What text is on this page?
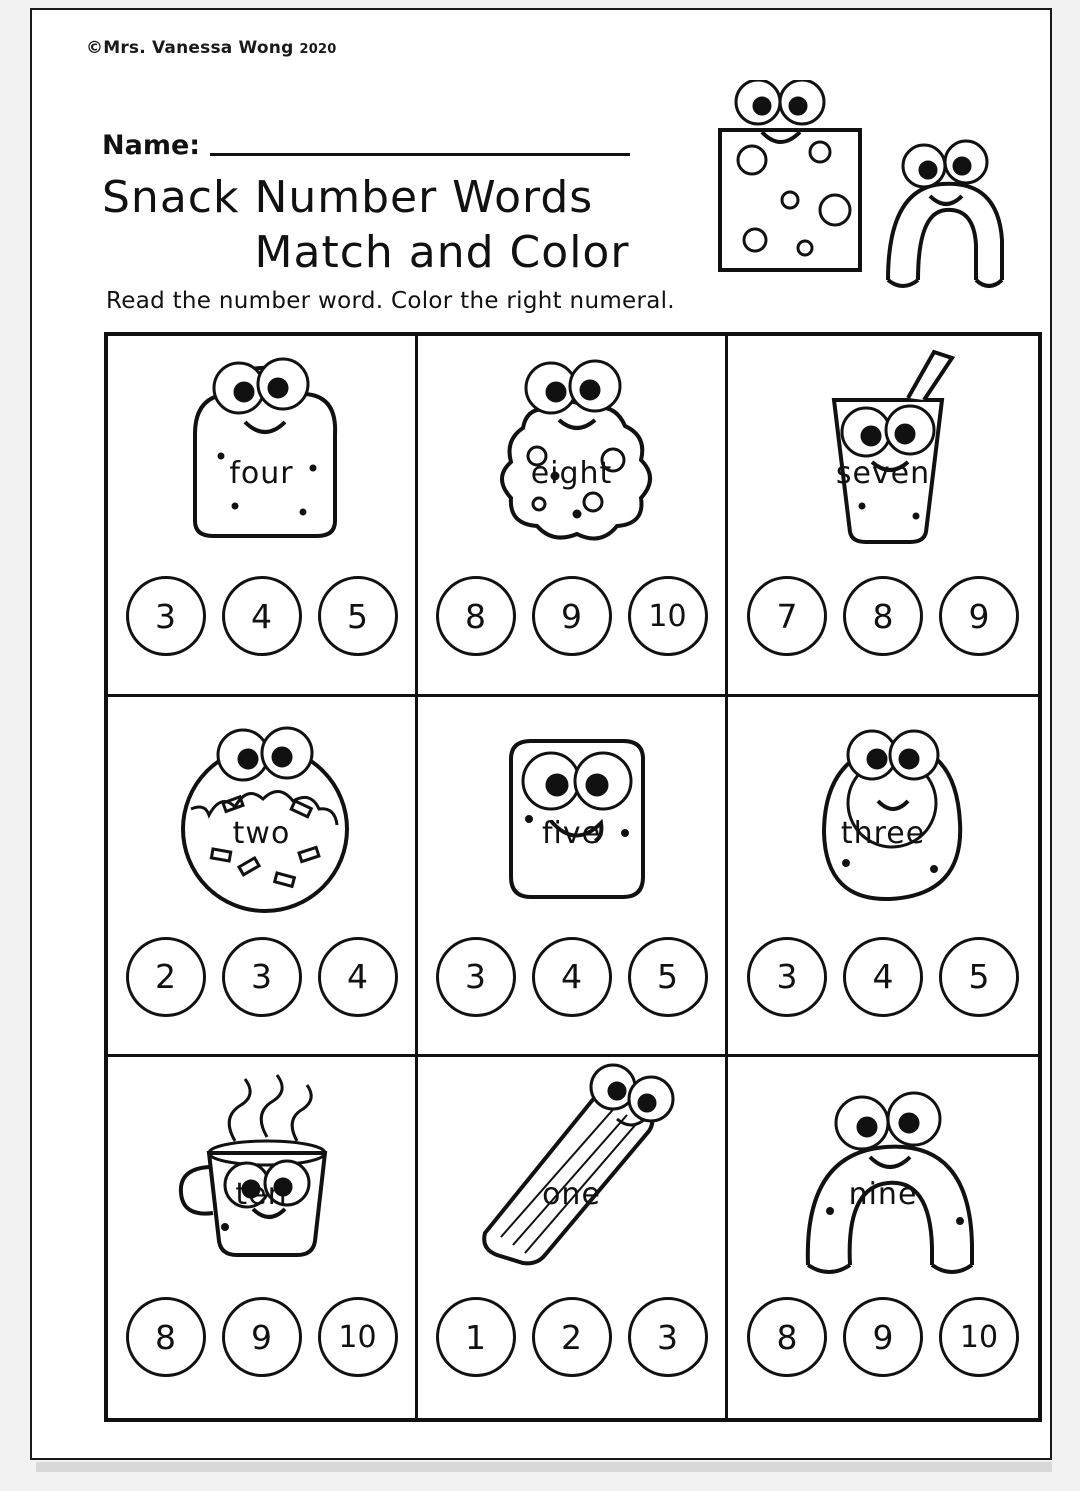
©Mrs. Vanessa Wong 2020
Name:
Snack Number Words
Match and Color
Read the number word. Color the right numeral.
four
3	4	5
eight
8	9	10
seven
7	8	9
two
2	3	4
five
3	4	5
three
3	4	5
ten
8	9	10
one
1	2	3
nine
8	9	10
